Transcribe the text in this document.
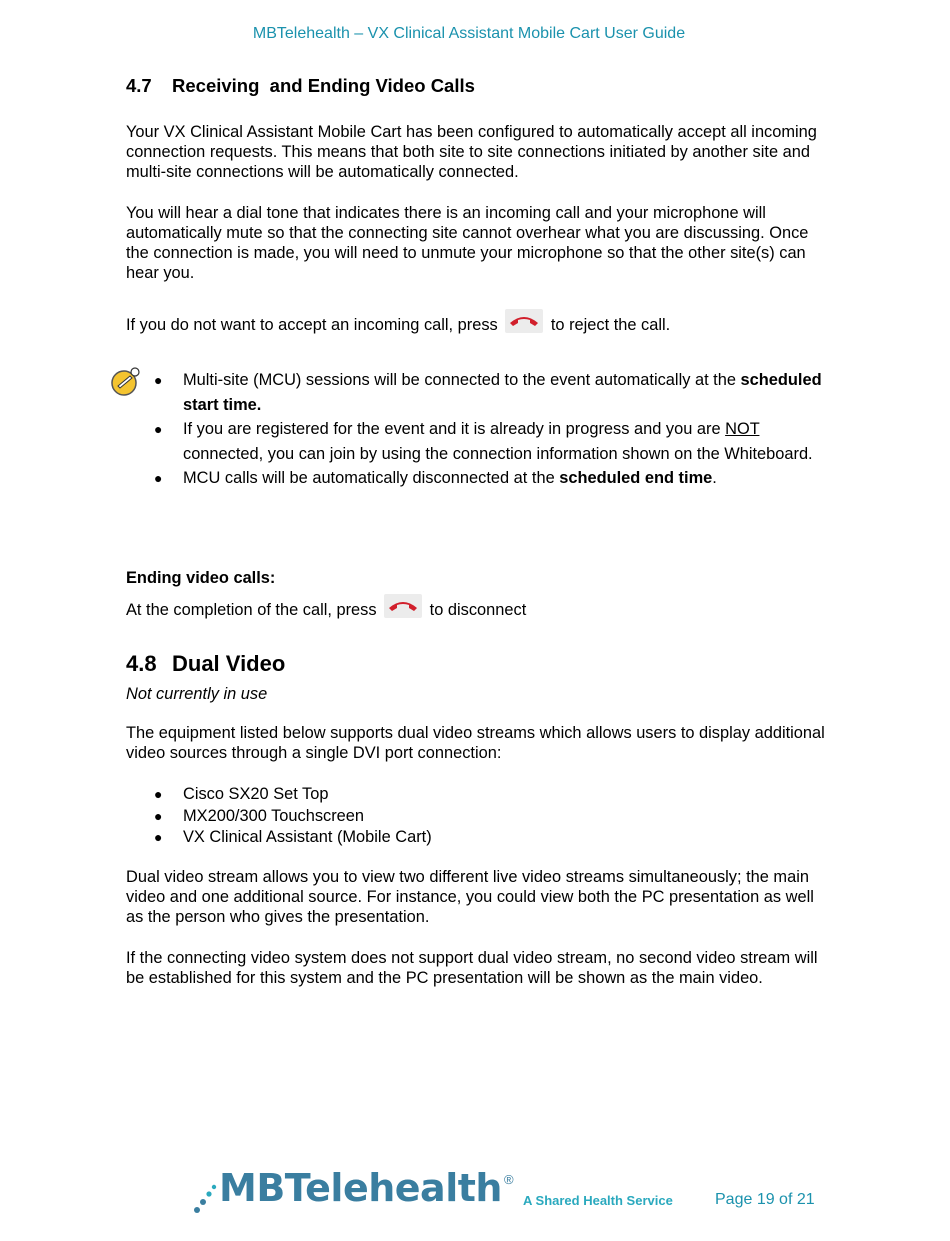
MBTelehealth – VX Clinical Assistant Mobile Cart User Guide
4.7 Receiving  and Ending Video Calls

Your VX Clinical Assistant Mobile Cart has been configured to automatically accept all incoming connection requests. This means that both site to site connections initiated by another site and multi-site connections will be automatically connected.

You will hear a dial tone that indicates there is an incoming call and your microphone will automatically mute so that the connecting site cannot overhear what you are discussing. Once the connection is made, you will need to unmute your microphone so that the other site(s) can hear you.

If you do not want to accept an incoming call, press	to reject the call.
● Multi-site (MCU) sessions will be connected to the event automatically at the scheduled start time.
● If you are registered for the event and it is already in progress and you are NOT connected, you can join by using the connection information shown on the Whiteboard.
● MCU calls will be automatically disconnected at the scheduled end time.
Ending video calls:
At the completion of the call, press	to disconnect
4.8 Dual Video
Not currently in use

The equipment listed below supports dual video streams which allows users to display additional video sources through a single DVI port connection:

● Cisco SX20 Set Top
● MX200/300 Touchscreen
● VX Clinical Assistant (Mobile Cart)

Dual video stream allows you to view two different live video streams simultaneously; the main video and one additional source. For instance, you could view both the PC presentation as well as the person who gives the presentation.

If the connecting video system does not support dual video stream, no second video stream will be established for this system and the PC presentation will be shown as the main video.

MBTelehealth ®
A Shared Health Service	Page 19 of 21
